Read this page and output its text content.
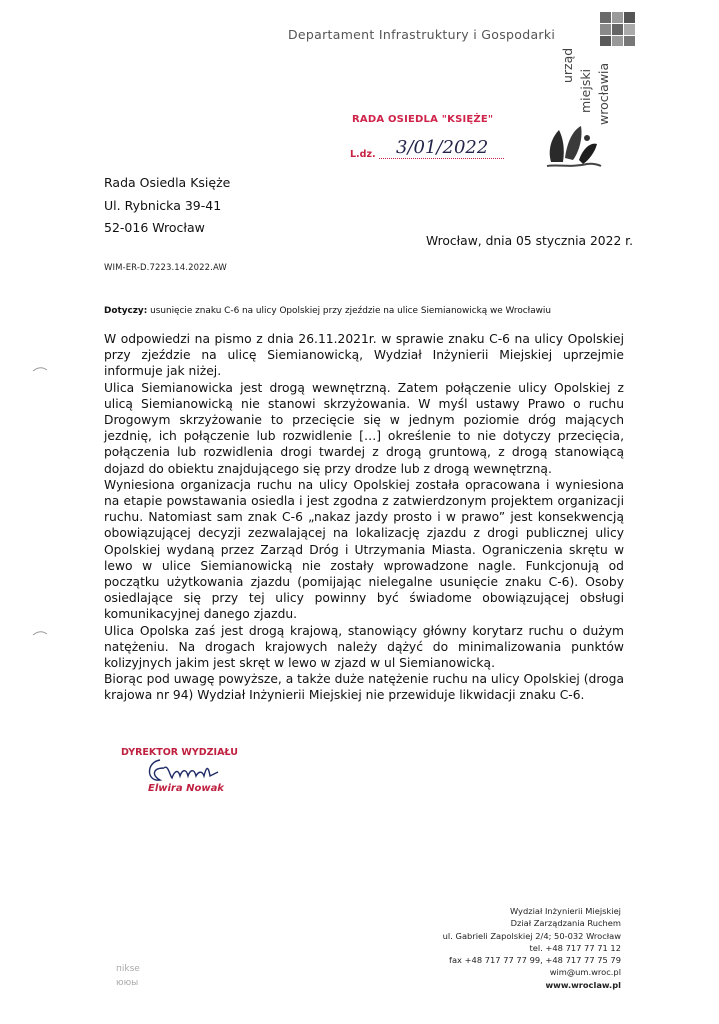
Departament Infrastruktury i Gospodarki
urząd
miejski wrocławia
RADA OSIEDLA "KSIĘŻE"
L.dz. 3/01/2022
Rada Osiedla Księże
Ul. Rybnicka 39-41
52-016 Wrocław
Wrocław, dnia 05 stycznia 2022 r.
WIM-ER-D.7223.14.2022.AW
Dotyczy: usunięcie znaku C-6 na ulicy Opolskiej przy zjeździe na ulice Siemianowicką we Wrocławiu

W odpowiedzi na pismo z dnia 26.11.2021r. w sprawie znaku C-6 na ulicy Opolskiej przy zjeździe na ulicę Siemianowicką, Wydział Inżynierii Miejskiej uprzejmie informuje jak niżej.

Ulica Siemianowicka jest drogą wewnętrzną. Zatem połączenie ulicy Opolskiej z ulicą Siemianowicką nie stanowi skrzyżowania. W myśl ustawy Prawo o ruchu Drogowym skrzyżowanie to przecięcie się w jednym poziomie dróg mających jezdnię, ich połączenie lub rozwidlenie […] określenie to nie dotyczy przecięcia, połączenia lub rozwidlenia drogi twardej z drogą gruntową, z drogą stanowiącą dojazd do obiektu znajdującego się przy drodze lub z drogą wewnętrzną.

Wyniesiona organizacja ruchu na ulicy Opolskiej została opracowana i wyniesiona na etapie powstawania osiedla i jest zgodna z zatwierdzonym projektem organizacji ruchu. Natomiast sam znak C-6 „nakaz jazdy prosto i w prawo” jest konsekwencją obowiązującej decyzji zezwalającej na lokalizację zjazdu z drogi publicznej ulicy Opolskiej wydaną przez Zarząd Dróg i Utrzymania Miasta. Ograniczenia skrętu w lewo w ulice Siemianowicką nie zostały wprowadzone nagle. Funkcjonują od początku użytkowania zjazdu (pomijając nielegalne usunięcie znaku C-6). Osoby osiedlające się przy tej ulicy powinny być świadome obowiązującej obsługi komunikacyjnej danego zjazdu.

Ulica Opolska zaś jest drogą krajową, stanowiący główny korytarz ruchu o dużym natężeniu. Na drogach krajowych należy dążyć do minimalizowania punktów kolizyjnych jakim jest skręt w lewo w zjazd w ul Siemianowicką.

Biorąc pod uwagę powyższe, a także duże natężenie ruchu na ulicy Opolskiej (droga krajowa nr 94) Wydział Inżynierii Miejskiej nie przewiduje likwidacji znaku C-6.

DYREKTOR WYDZIAŁU
Elwira Nowak
Wydział Inżynierii Miejskiej
Dział Zarządzania Ruchem
ul. Gabrieli Zapolskiej 2/4; 50-032 Wrocław
tel. +48 717 77 71 12
fax +48 717 77 77 99, +48 717 77 75 79
wim@um.wroc.pl
www.wroclaw.pl
пikse
ююы
